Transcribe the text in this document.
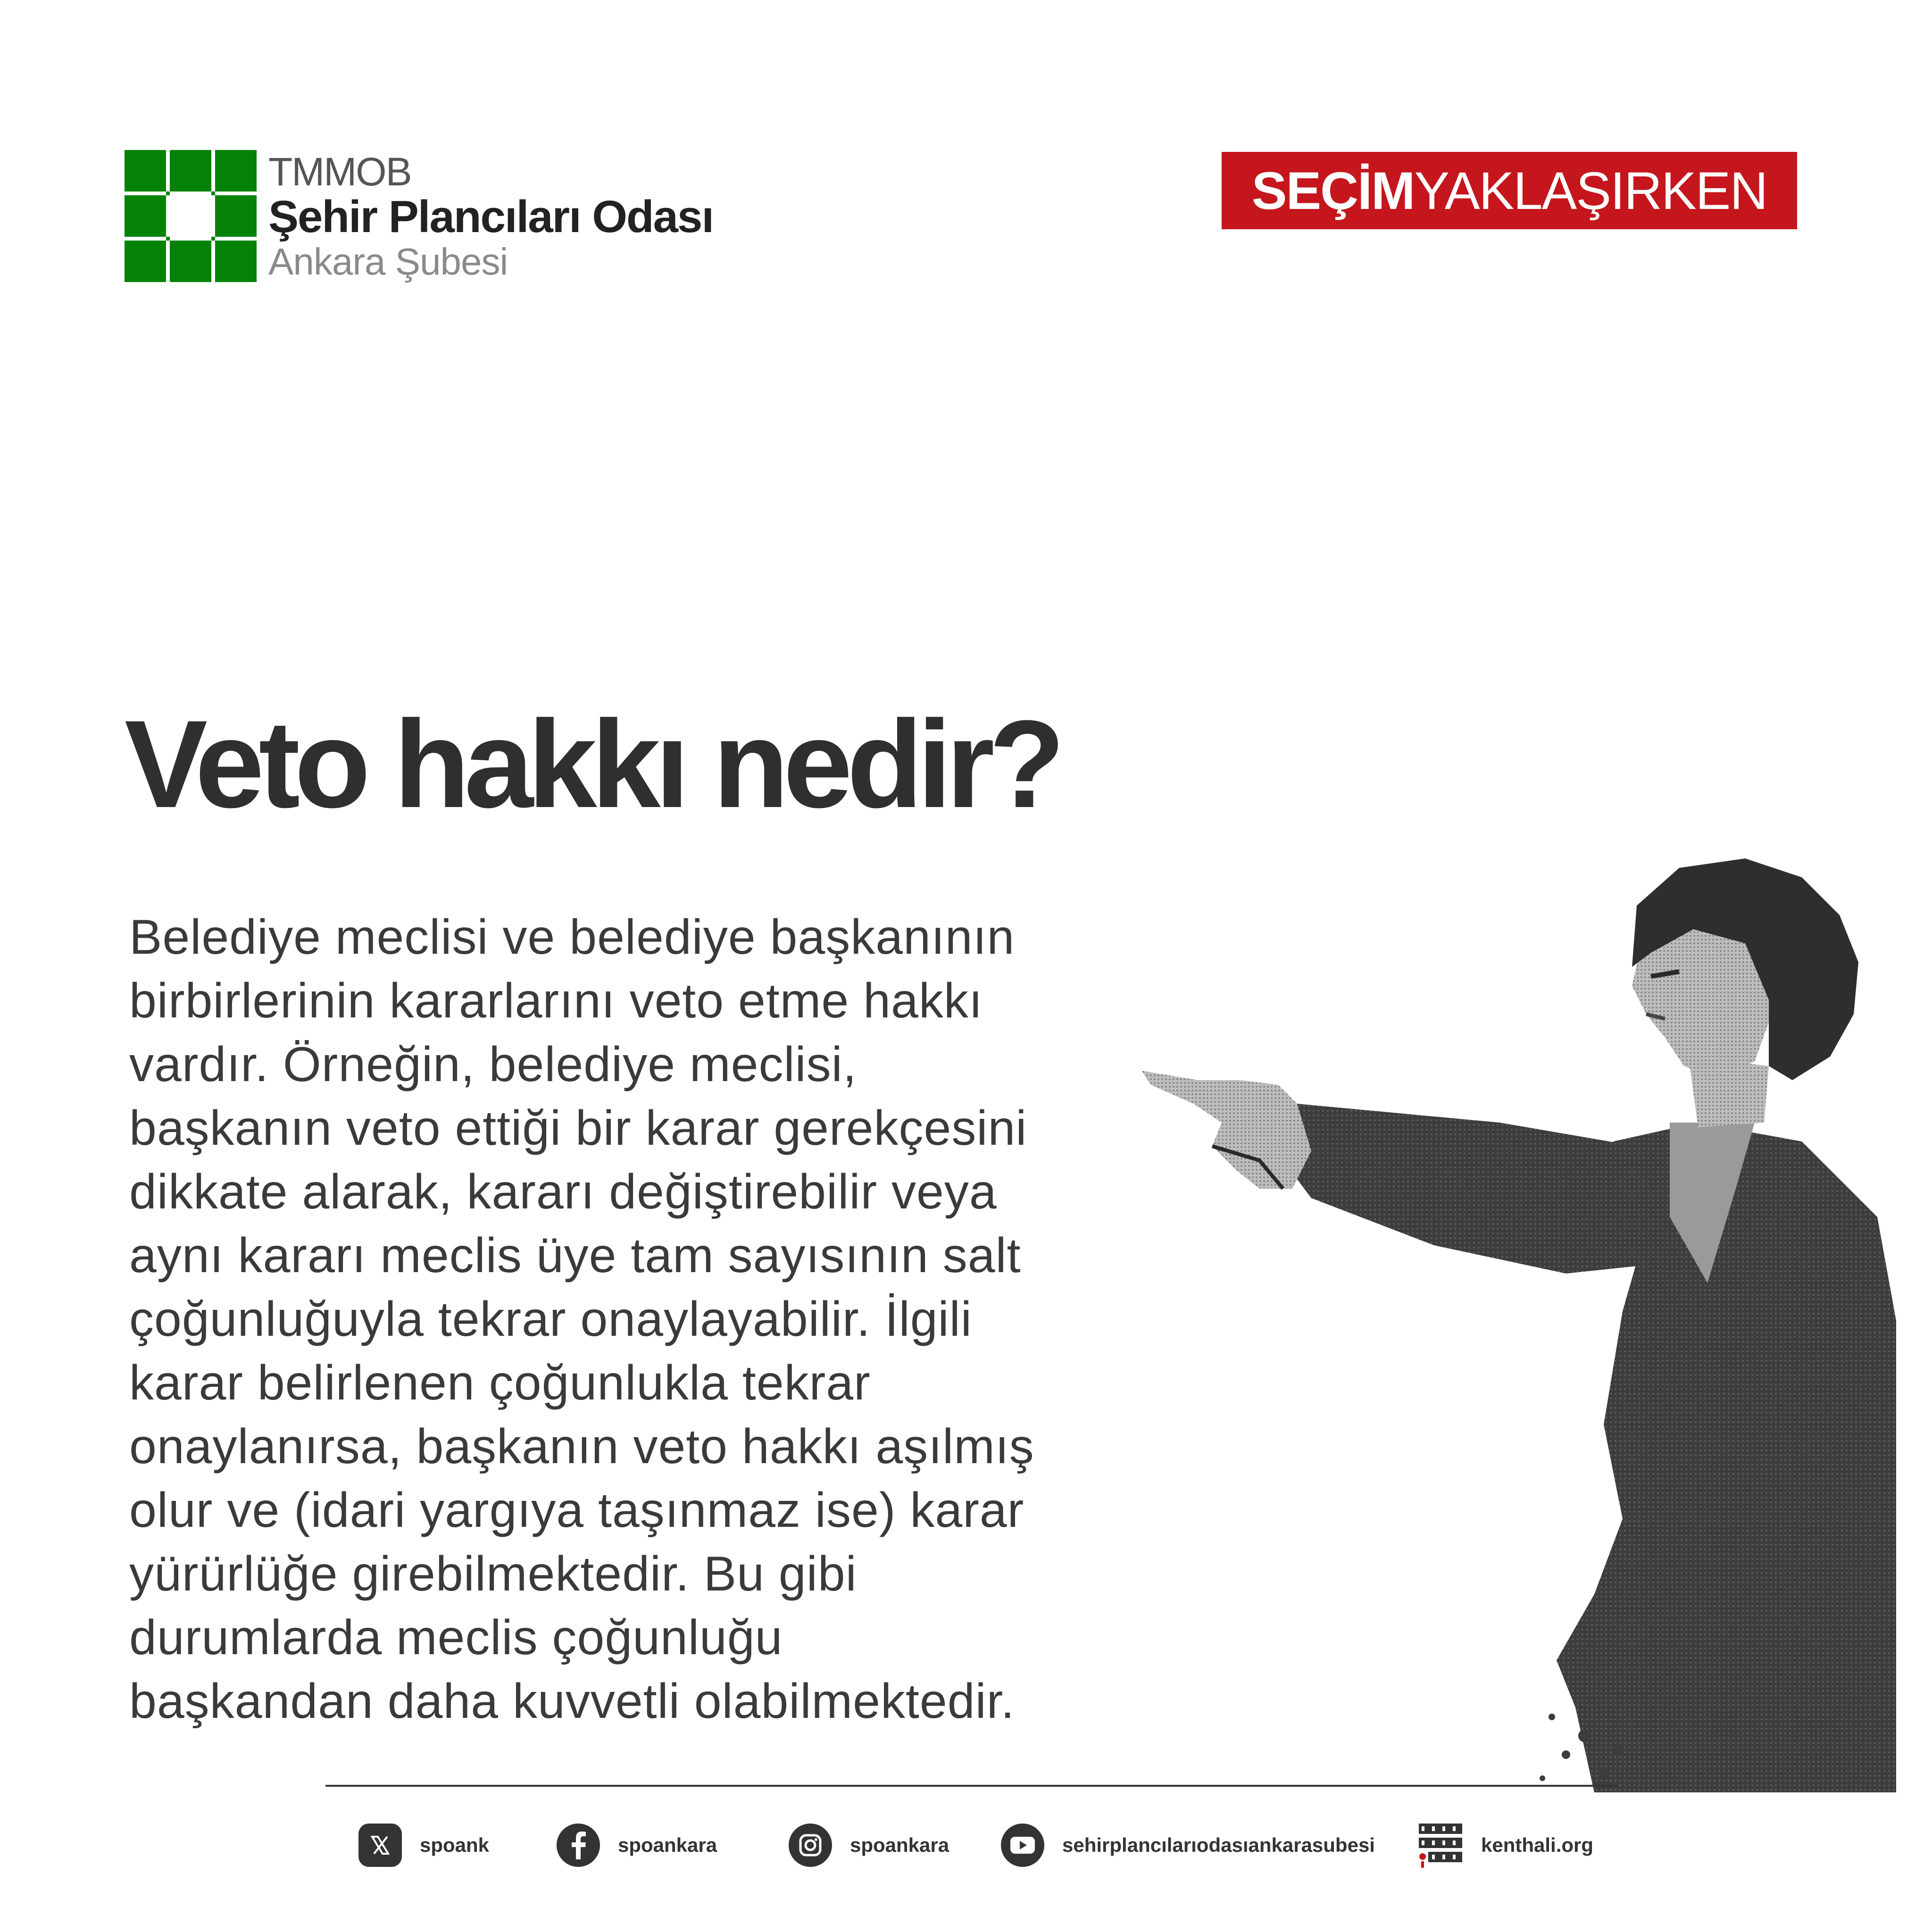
TMMOB
Şehir Plancıları Odası
Ankara Şubesi
SEÇİM YAKLAŞIRKEN
Veto hakkı nedir?
Belediye meclisi ve belediye başkanının
birbirlerinin kararlarını veto etme hakkı
vardır. Örneğin, belediye meclisi,
başkanın veto ettiği bir karar gerekçesini
dikkate alarak, kararı değiştirebilir veya
aynı kararı meclis üye tam sayısının salt
çoğunluğuyla tekrar onaylayabilir. İlgili
karar belirlenen çoğunlukla tekrar
onaylanırsa, başkanın veto hakkı aşılmış
olur ve (idari yargıya taşınmaz ise) karar
yürürlüğe girebilmektedir. Bu gibi
durumlarda meclis çoğunluğu
başkandan daha kuvvetli olabilmektedir.
spoank	spoankara	spoankara	sehirplancılarıodasıankarasubesi	kenthali.org
